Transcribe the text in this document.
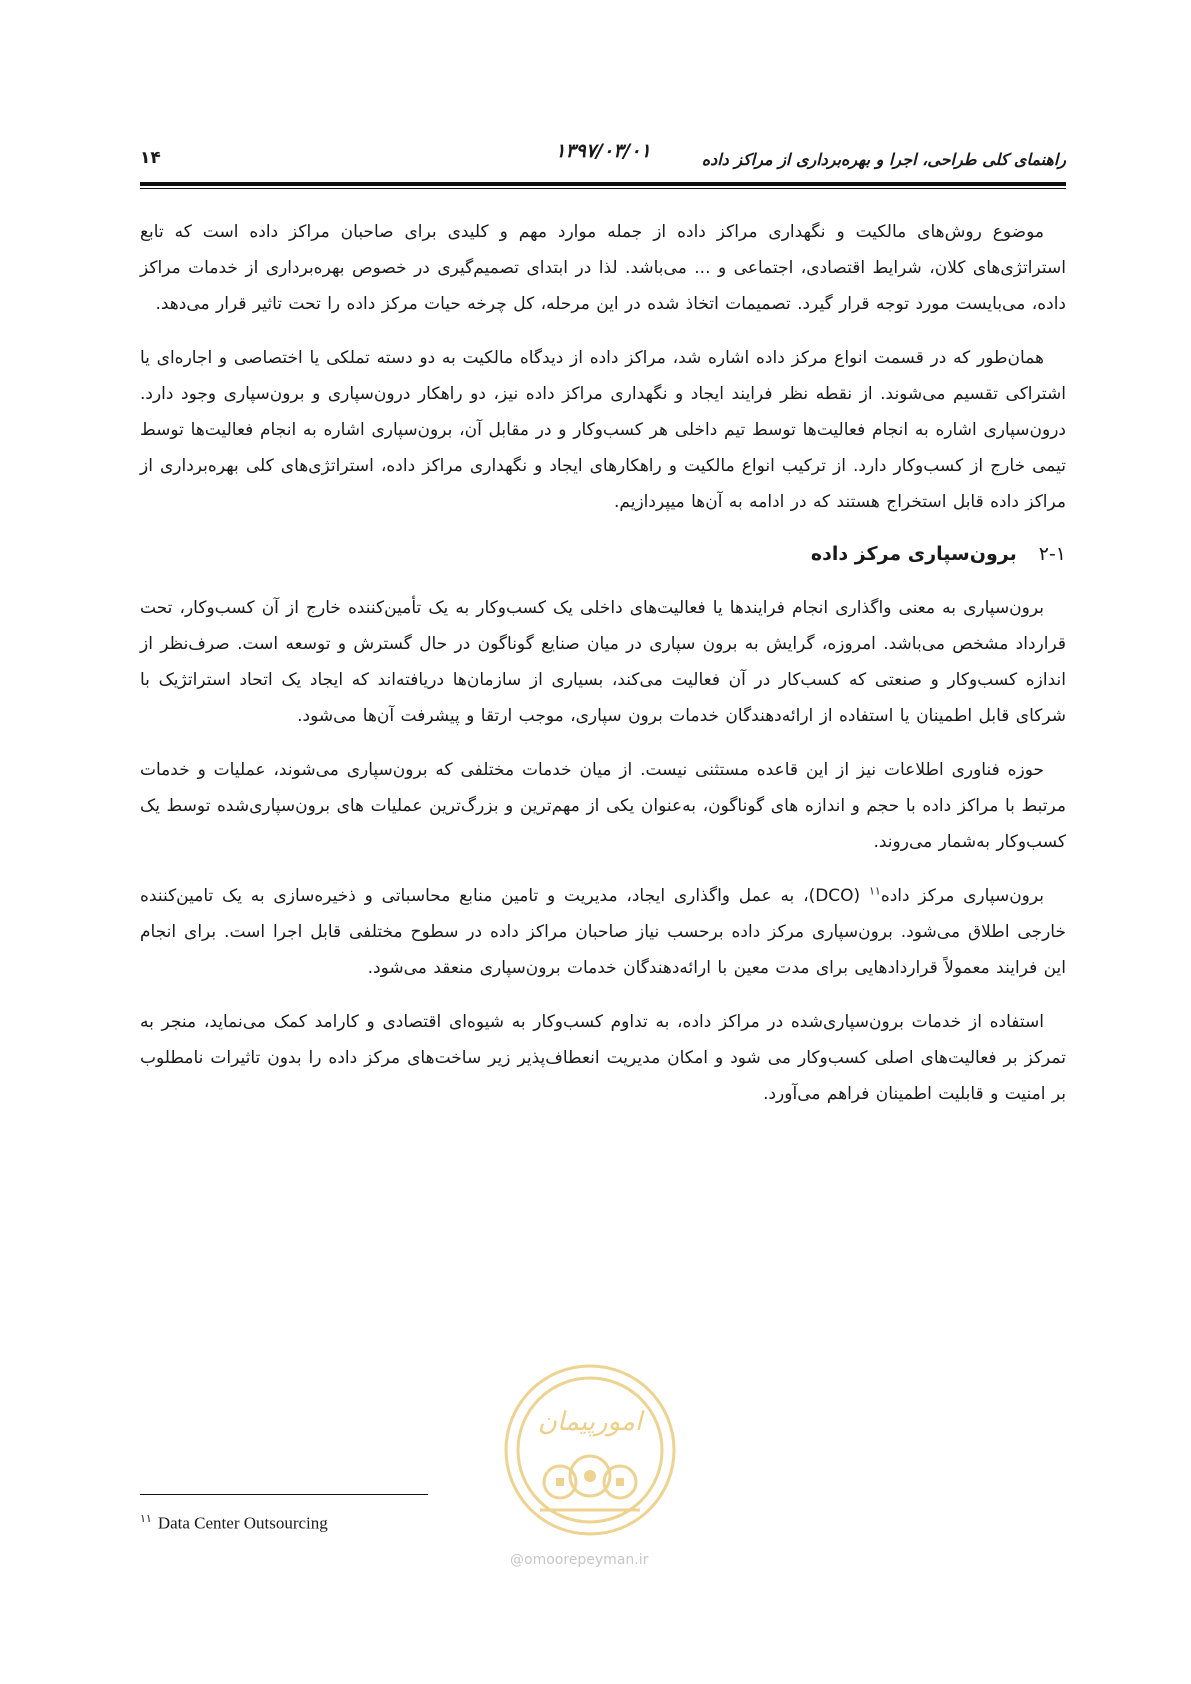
۱۴	۱۳۹۷/۰۳/۰۱	راهنمای کلی طراحی، اجرا و بهره‌برداری از مراکز داده

موضوع روش‌های مالکیت و نگهداری مراکز داده از جمله موارد مهم و کلیدی برای صاحبان مراکز داده است که تابع استراتژی‌های کلان، شرایط اقتصادی، اجتماعی و ... می‌باشد. لذا در ابتدای تصمیم‌گیری در خصوص بهره‌برداری از خدمات مراکز داده، می‌بایست مورد توجه قرار گیرد. تصمیمات اتخاذ شده در این مرحله، کل چرخه حیات مرکز داده را تحت تاثیر قرار می‌دهد.

همان‌طور که در قسمت انواع مرکز داده اشاره شد، مراکز داده از دیدگاه مالکیت به دو دسته تملکی یا اختصاصی و اجاره‌ای یا اشتراکی تقسیم می‌شوند. از نقطه نظر فرایند ایجاد و نگهداری مراکز داده نیز، دو راهکار درون‌سپاری و برون‌سپاری وجود دارد. درون‌سپاری اشاره به انجام فعالیت‌ها توسط تیم داخلی هر کسب‌وکار و در مقابل آن، برون‌سپاری اشاره به انجام فعالیت‌ها توسط تیمی خارج از کسب‌وکار دارد. از ترکیب انواع مالکیت و راهکارهای ایجاد و نگهداری مراکز داده، استراتژی‌های کلی بهره‌برداری از مراکز داده قابل استخراج هستند که در ادامه به آن‌ها میپردازیم.

۲-۱برون‌سپاری مرکز داده

برون‌سپاری به معنی واگذاری انجام فرایندها یا فعالیت‌های داخلی یک کسب‌وکار به یک تأمین‌کننده خارج از آن کسب‌وکار، تحت قرارداد مشخص می‌باشد. امروزه، گرایش به برون سپاری در میان صنایع گوناگون در حال گسترش و توسعه است. صرف‌نظر از اندازه کسب‌وکار و صنعتی که کسب‌کار در آن فعالیت می‌کند، بسیاری از سازمان‌ها دریافته‌اند که ایجاد یک اتحاد استراتژیک با شرکای قابل اطمینان یا استفاده از ارائه‌دهندگان خدمات برون سپاری، موجب ارتقا و پیشرفت آن‌ها می‌شود.

حوزه فناوری اطلاعات نیز از این قاعده مستثنی نیست. از میان خدمات مختلفی که برون‌سپاری می‌شوند، عملیات و خدمات مرتبط با مراکز داده با حجم و اندازه های گوناگون، به‌عنوان یکی از مهم‌ترین و بزرگ‌ترین عملیات های برون‌سپاری‌شده توسط یک کسب‌وکار به‌شمار می‌روند.

برون‌سپاری مرکز داده$^{۱۱}$ (DCO)، به عمل واگذاری ایجاد، مدیریت و تامین منابع محاسباتی و ذخیره‌سازی به یک تامین‌کننده خارجی اطلاق می‌شود. برون‌سپاری مرکز داده برحسب نیاز صاحبان مراکز داده در سطوح مختلفی قابل اجرا است. برای انجام این فرایند معمولاً قراردادهایی برای مدت معین با ارائه‌دهندگان خدمات برون‌سپاری منعقد می‌شود.

استفاده از خدمات برون‌سپاری‌شده در مراکز داده، به تداوم کسب‌وکار به شیوه‌ای اقتصادی و کارامد کمک می‌نماید، منجر به تمرکز بر فعالیت‌های اصلی کسب‌وکار می شود و امکان مدیریت انعطاف‌پذیر زیر ساخت‌های مرکز داده را بدون تاثیرات نامطلوب بر امنیت و قابلیت اطمینان فراهم می‌آورد.

امورپیمان
$^{۱۱}$ Data Center Outsourcing
@omoorepeyman.ir
